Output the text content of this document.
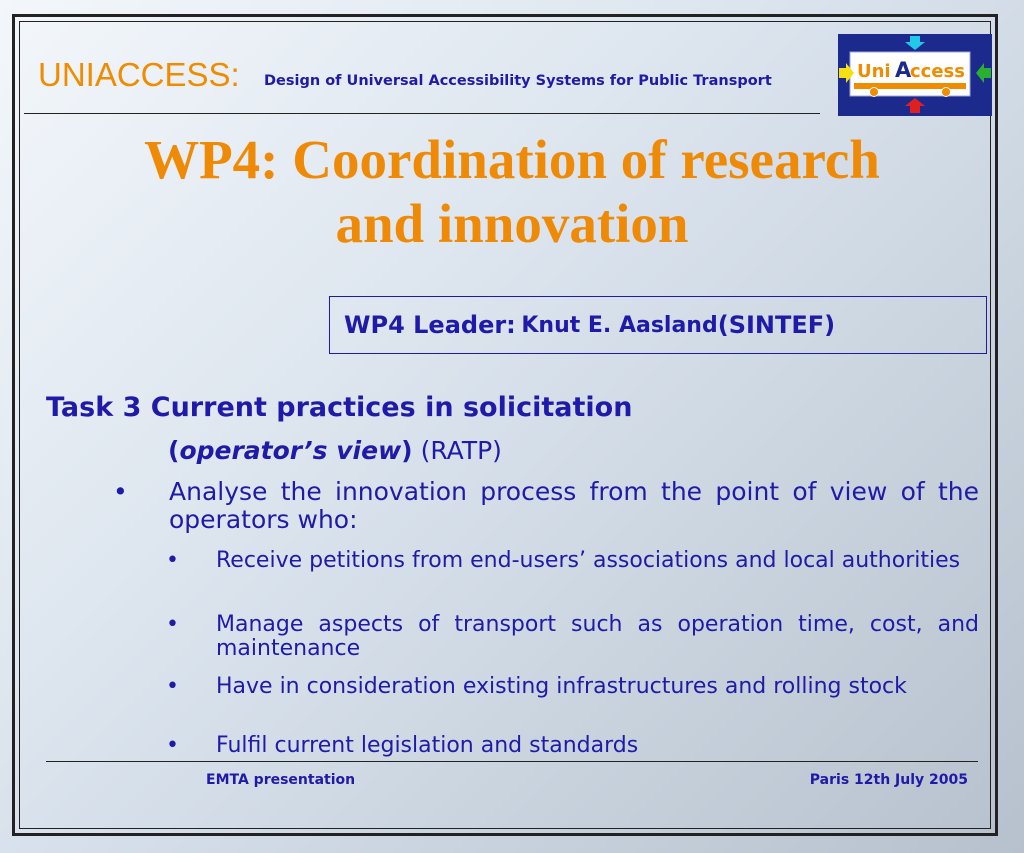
UNIACCESS: Design of Universal Accessibility Systems for Public Transport	Uni A
ccess
WP4: Coordination of research
and innovation
WP4 Leader:
Knut E. Aasland (SINTEF)
Task 3 Current practices in solicitation
(operator’s view) (RATP)
• Analyse the innovation process from the point of view of the operators who:
• Receive petitions from end-users’ associations and local authorities
• Manage aspects of transport such as operation time, cost, and maintenance
• Have in consideration existing infrastructures and rolling stock
• Fulfil current legislation and standards
EMTA presentation	Paris 12th July 2005
